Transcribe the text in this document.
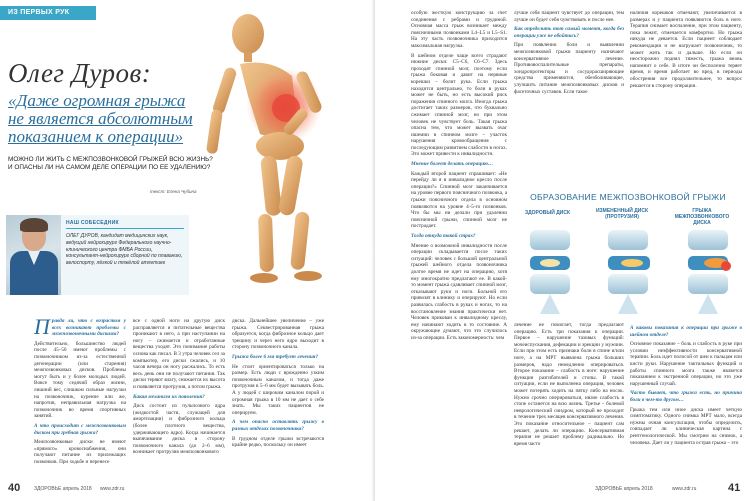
ИЗ ПЕРВЫХ РУК
Олег Дуров:
«Даже огромная грыжа
не является абсолютным
показанием к операции»
МОЖНО ЛИ ЖИТЬ С МЕЖПОЗВОНКОВОЙ ГРЫЖЕЙ ВСЮ ЖИЗНЬ? И ОПАСНЫ ЛИ НА САМОМ ДЕЛЕ ОПЕРАЦИИ ПО ЕЕ УДАЛЕНИЮ?
текст: Елена Чубина
НАШ СОБЕСЕДНИК
ОЛЕГ ДУРОВ, кандидат медицинских наук, ведущий нейрохирург Федерального научно-клинического центра ФМБА России, консультант-нейрохирург сборной по плаванию, велоспорту, лёгкой и тяжёлой атлетике

Правда ли, что с возрастом у всех возникают проблемы с межпозвоночными дисками?

Действительно, большинство людей после 45–50 имеют проблемы с позвоночником из-за естественной дегенерации (или старения) межпозвонковых дисков. Проблемы могут быть и у более молодых людей. Вовсе тому седячий образ жизни, лишний вес, слишком сильные нагрузки на позвоночник, курение или же, напротив, неправильная нагрузка на позвоночник во время спортивных занятий.

А что происходит с межпозвонковым диском при гребная грыжа?

Межпозвонковые диски не имеют «прямого» кровоснабжения, они получают питание из прилежащих позвонков. При ходьбе и перенесе

все с одной ноги на другую диск расправляется и питательные вещества проникают в него, а при наступании на ногу – сжимается и отработанные вещества уходят. Это понимание работы основа как писал. В 3 утра человек сел за компьютер, его диски сжались, и 10 часов вечера он ногу расжались. То есть весь день они не получают питания. Так диски теряют влагу, снижается их высота и появляется протрузия, а потом грыжа.

Какая механизм их появления?

Диск состоит из пульпозного ядра (жидкостой части, служащей для амортизации) и фиброзного кольца (более плотного вещества, удерживающего ядро). Когда начинается выпячивание диска в сторону позвоночного канала (до 2–6 мм), возникает протрузия межпозвонкового

диска. Дальнейшее увеличение – уже грыжа. Секвестрированная грыжа образуется, когда фиброзное кольцо дает трещину и через него ядро выходит в сторону позвоночного канала.

Грыжа более 6 мм требует лечения?

Не стоит ориентироваться только на размер. Есть люди с врожденно узким позвоночным каналом, и тогда даже протрузия в 5–6 мм будет вызывать боль. А у людей с широким каналом порой и огромная грыжа в 10 мм не дает о себе знать. Мы таких пациентов не оперируем.

А чем опасно оставлять грыжу в разных отделах позвоночника?

В грудном отделе грыжи встречаются крайне редко, поскольку он имеет

40	ЗДОРОВЬЕ апрель 2018 www.zdr.ru

особую жесткую конструкцию за счет соединения с ребрами и грудиной. Основная масса грыж возникает между поясничными позвонками L4–L5 и L5–S1. На эту часть позвоночника приходится максимальная нагрузка.

В шейном отделе чаще всего страдают нижние диски: C5–C6, C6–C7. Здесь проходят спинной мозг, поэтому если грыжа боковая и давит на нервные корешки – болит рука. Если грыжа находится центрально, то боли в руках может не быть, но есть высокий риск поражения спинного мозга. Иногда грыжа достигает таких размеров, что буквально сжимает спинной мозг, но при этом человек не чувствует боль. Такая грыжа опасна тем, что может вызвать очаг ишемии в спинном мозге – участок нарушения кровообращения с последующим развитием слабости в ногах. Это может привести к инвалидности.

Мнение болеет делать операцию…

Каждый второй пациент спрашивает: «Не перейду ли я в инвалидное кресло после операции?» Спинной мозг заканчивается на уровне первого поясничного позвонка, а грыжи поясничного отдела в основном появляются на уровне 4–5-го позвонков. Что бы мы ни делали при удалении поясничной грыжи, спинной мозг не пострадает.

Тогда откуда такой страх?

Мнение о возможной инвалидности после операции складывается после таких ситуаций: человек с большой центральной грыжей шейного отдела позвоночника долгое время не идет на операцию, хотя ему многократно предлагают ее. В какой-то момент грыжа сдавливает спинной мозг, отказывают руки и ноги. Больной его привозят в клинику и оперируют. Но если развилась слабость в руках и ногах, то на восстановление знания практически нет. Человек прикован к инвалидному креслу, ему начинают ходить в то состояние. А окружающие думают, что это случилось из-за операции. Есть закономерность: чем

лучше себя пациент чувствует до операции, тем лучше он будет себя чувствовать и после нее.

Как определить тот самый момент, когда без операции уже не обойтись?

При появлении боли и выявлении межпозвонковой грыжи пациенту назначают консервативное лечение. Противовоспалительные препараты, хондропротекторы и сосудорасширяющие средства применяются, обезболивающие, улучшить питание межпозвонковых дисков и фасеточных суставов. Если такое

наличия корешков отмечают, увеличивается в размерах и у пациента появляются боль в ноге. Терапия снимает воспаление, при этом пациенту, пока лежит, отмечается комфортно. Но грыжа никуда не девается. Если пациент соблюдает рекомендации и не нагружает позвоночник, то может жить так и дальше. Но если он неосторожно поднял тяжесть, грыжа вновь напомнит о себе. В итоге он бесполезно теряет время, и время работает во вред, в периоды обострения все продолжительнее, то вопрос решается в сторону операции.

ОБРАЗОВАНИЕ МЕЖПОЗВОНКОВОЙ ГРЫЖИ
ЗДОРОВЫЙ ДИСК	ИЗМЕНЕННЫЙ ДИСК (ПРОТРУЗИЯ)
ГРЫЖА МЕЖПОЗВОНКОВОГО ДИСКА

лечение не помогает, тогда предлагают операцию. Есть три показания к операции. Первое – нарушение тазовых функций: мочеиспускания, дефекации и эрекции у мужчин. Если при этом есть признаки боли в спине и/или ноге, а на МРТ выявлена грыжа больших размеров, надо немедленно оперироваться. Второе показание – слабость в ноге: нарушение функции разгибателей и стопы. В такой ситуации, если не выполнена операция, человек может потерять ходить на пятку либо на носок. Нужно срочно оперироваться, иначе слабость в стопе останется на всю жизнь. Третье – болевой неврологический синдром, который не проходит в течение трех месяцев консервативного лечения. Это показание относительное – пациент сам решает, делать ли операцию. Консервативная терапия не решает проблему радикально. Но время часто

А каковы показания к операции при грыже в шейном отделе?

Основное показание – боль и слабость в руке при условии неэффективности консервативной терапии. Боль идет полосой от шеи к пальцам или кисти руки. Нарушение тактильных функций и работы спинного мозга также является показанием к экстренной операции, но это уже нарушенный случай.

Часто бывает, что грыжа есть, но причина боли в чем-то другом…

Грыжа тем или иное диска имеет четкую симптоматику. Одного снимка МРТ мало, всегда нужны очная консультация, чтобы определить, совпадает ли клиническая картина с рентгенологической. Мы смотрим на снимок, а человека. Дает ли у пациента острая грыжа – это

ЗДОРОВЬЕ апрель 2018	www.zdr.ru	41
